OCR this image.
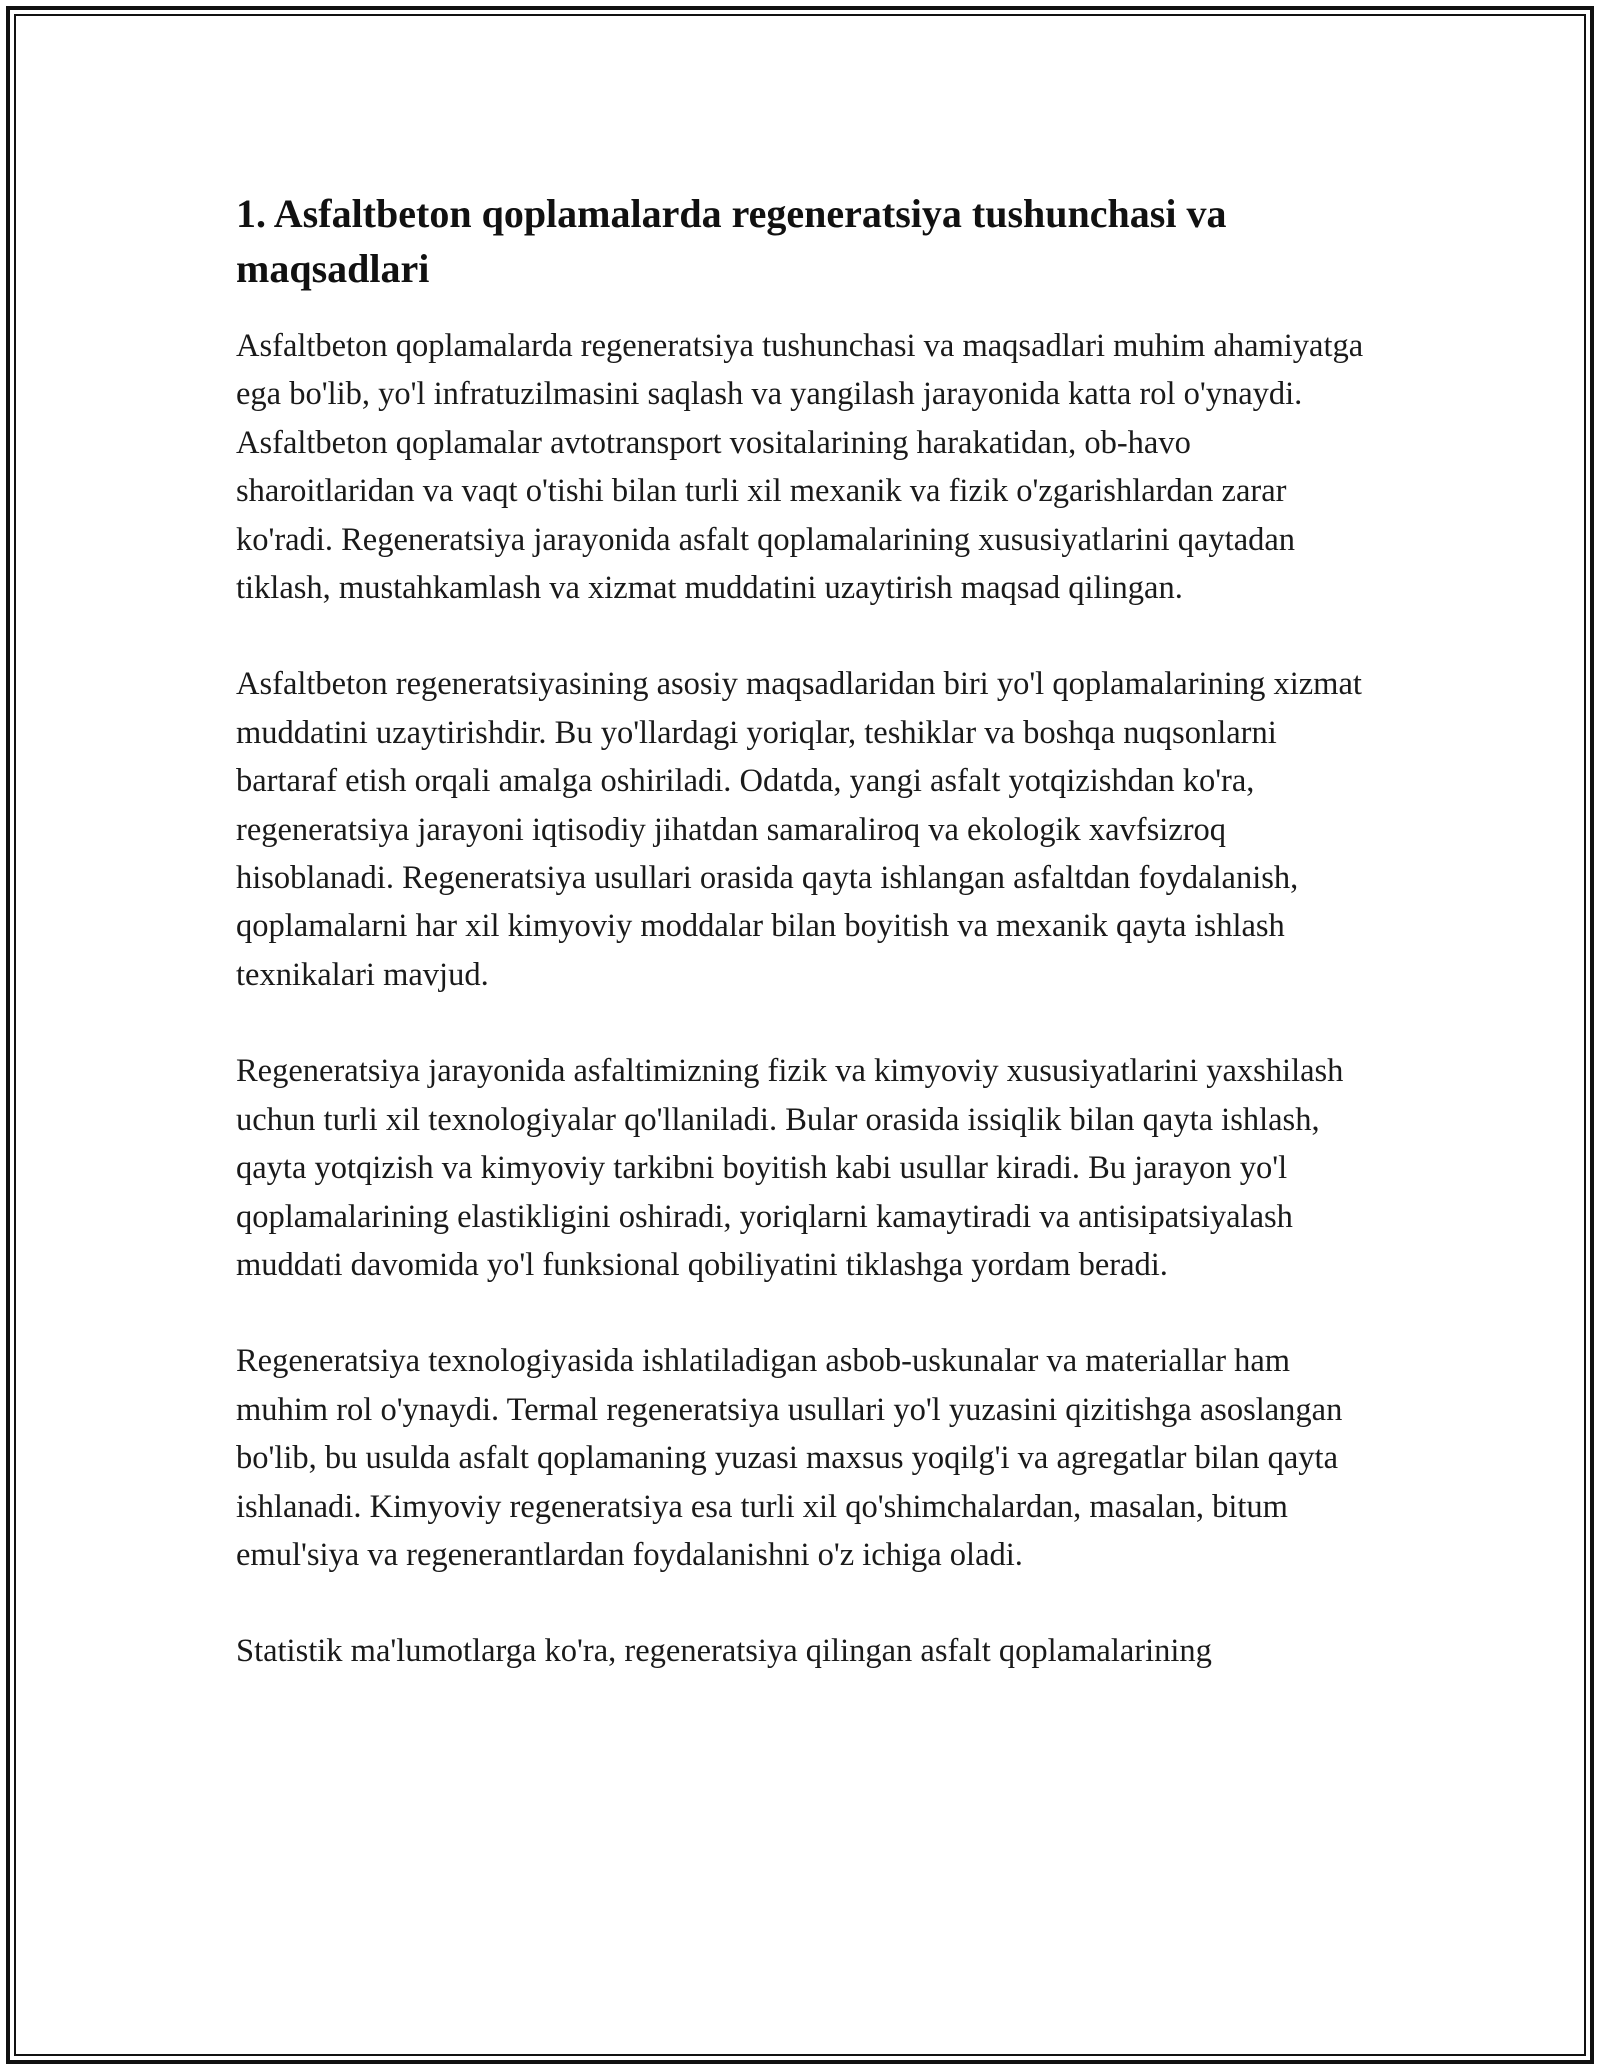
1. Asfaltbeton qoplamalarda regeneratsiya tushunchasi va maqsadlari

Asfaltbeton qoplamalarda regeneratsiya tushunchasi va maqsadlari muhim ahamiyatga ega bo'lib, yo'l infratuzilmasini saqlash va yangilash jarayonida katta rol o'ynaydi. Asfaltbeton qoplamalar avtotransport vositalarining harakatidan, ob-havo sharoitlaridan va vaqt o'tishi bilan turli xil mexanik va fizik o'zgarishlardan zarar ko'radi. Regeneratsiya jarayonida asfalt qoplamalarining xususiyatlarini qaytadan tiklash, mustahkamlash va xizmat muddatini uzaytirish maqsad qilingan.

Asfaltbeton regeneratsiyasining asosiy maqsadlaridan biri yo'l qoplamalarining xizmat muddatini uzaytirishdir. Bu yo'llardagi yoriqlar, teshiklar va boshqa nuqsonlarni bartaraf etish orqali amalga oshiriladi. Odatda, yangi asfalt yotqizishdan ko'ra, regeneratsiya jarayoni iqtisodiy jihatdan samaraliroq va ekologik xavfsizroq hisoblanadi. Regeneratsiya usullari orasida qayta ishlangan asfaltdan foydalanish, qoplamalarni har xil kimyoviy moddalar bilan boyitish va mexanik qayta ishlash texnikalari mavjud.

Regeneratsiya jarayonida asfaltimizning fizik va kimyoviy xususiyatlarini yaxshilash uchun turli xil texnologiyalar qo'llaniladi. Bular orasida issiqlik bilan qayta ishlash, qayta yotqizish va kimyoviy tarkibni boyitish kabi usullar kiradi. Bu jarayon yo'l qoplamalarining elastikligini oshiradi, yoriqlarni kamaytiradi va antisipatsiyalash muddati davomida yo'l funksional qobiliyatini tiklashga yordam beradi.

Regeneratsiya texnologiyasida ishlatiladigan asbob-uskunalar va materiallar ham muhim rol o'ynaydi. Termal regeneratsiya usullari yo'l yuzasini qizitishga asoslangan bo'lib, bu usulda asfalt qoplamaning yuzasi maxsus yoqilg'i va agregatlar bilan qayta ishlanadi. Kimyoviy regeneratsiya esa turli xil qo'shimchalardan, masalan, bitum emul'siya va regenerantlardan foydalanishni o'z ichiga oladi.

Statistik ma'lumotlarga ko'ra, regeneratsiya qilingan asfalt qoplamalarining
